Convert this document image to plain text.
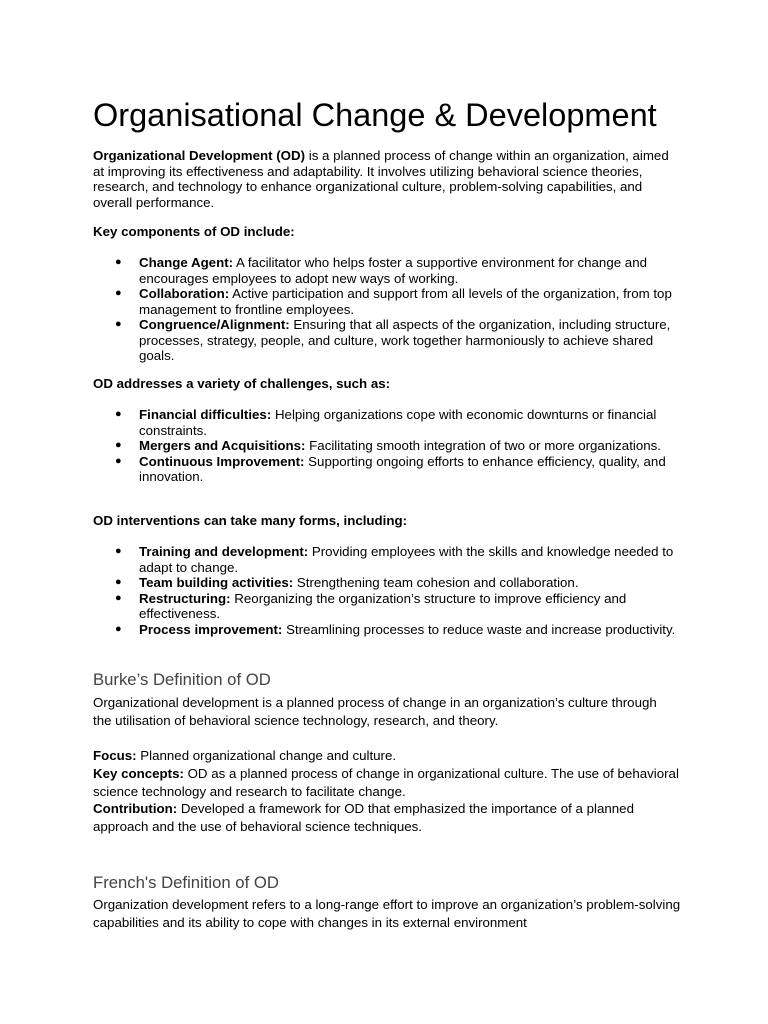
Organisational Change & Development

Organizational Development (OD) is a planned process of change within an organization, aimed at improving its effectiveness and adaptability. It involves utilizing behavioral science theories, research, and technology to enhance organizational culture, problem-solving capabilities, and overall performance.

Key components of OD include:

● Change Agent: A facilitator who helps foster a supportive environment for change and encourages employees to adopt new ways of working.
● Collaboration: Active participation and support from all levels of the organization, from top management to frontline employees.
● Congruence/Alignment: Ensuring that all aspects of the organization, including structure, processes, strategy, people, and culture, work together harmoniously to achieve shared goals.

OD addresses a variety of challenges, such as:

● Financial difficulties: Helping organizations cope with economic downturns or financial constraints.
● Mergers and Acquisitions: Facilitating smooth integration of two or more organizations.
● Continuous Improvement: Supporting ongoing efforts to enhance efficiency, quality, and innovation.

OD interventions can take many forms, including:

● Training and development: Providing employees with the skills and knowledge needed to adapt to change.
● Team building activities: Strengthening team cohesion and collaboration.
● Restructuring: Reorganizing the organization’s structure to improve efficiency and effectiveness.
● Process improvement: Streamlining processes to reduce waste and increase productivity.
Burke’s Definition of OD

Organizational development is a planned process of change in an organization’s culture through the utilisation of behavioral science technology, research, and theory.

Focus: Planned organizational change and culture.
Key concepts: OD as a planned process of change in organizational culture. The use of behavioral science technology and research to facilitate change.
Contribution: Developed a framework for OD that emphasized the importance of a planned approach and the use of behavioral science techniques.

French's Definition of OD

Organization development refers to a long-range effort to improve an organization’s problem-solving capabilities and its ability to cope with changes in its external environment
